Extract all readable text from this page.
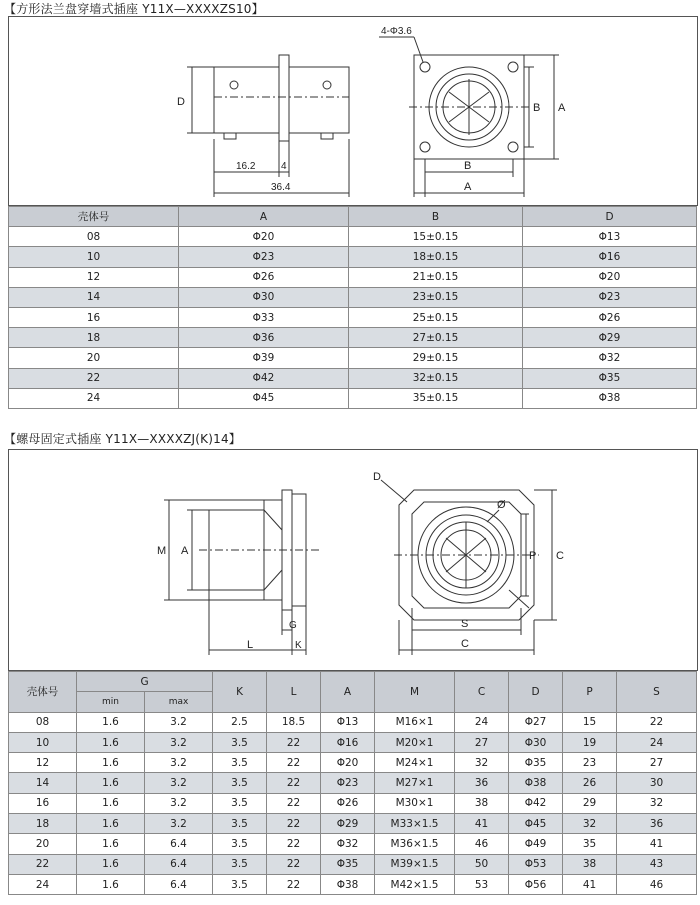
【方形法兰盘穿墙式插座 Y11X—XXXXZS10】
D
16.2	4
36.4
4-Φ3.6
B A
B
A
壳体号	A	B	D
08	Φ20	15±0.15	Φ13
10	Φ23	18±0.15	Φ16
12	Φ26	21±0.15	Φ20
14	Φ30	23±0.15	Φ23
16	Φ33	25±0.15	Φ26
18	Φ36	27±0.15	Φ29
20	Φ39	29±0.15	Φ32
22	Φ42	32±0.15	Φ35
24	Φ45	35±0.15	Φ38
【螺母固定式插座 Y11X—XXXXZJ(K)14】
M A
G
L	K
D
Ø
P C
S
C
壳体号	G		K	L	A	M	C	D	P	S
	min	max								
08	1.6	3.2	2.5	18.5	Φ13	M16×1	24	Φ27	15	22
10	1.6	3.2	3.5	22	Φ16	M20×1	27	Φ30	19	24
12	1.6	3.2	3.5	22	Φ20	M24×1	32	Φ35	23	27
14	1.6	3.2	3.5	22	Φ23	M27×1	36	Φ38	26	30
16	1.6	3.2	3.5	22	Φ26	M30×1	38	Φ42	29	32
18	1.6	3.2	3.5	22	Φ29	M33×1.5	41	Φ45	32	36
20	1.6	6.4	3.5	22	Φ32	M36×1.5	46	Φ49	35	41
22	1.6	6.4	3.5	22	Φ35	M39×1.5	50	Φ53	38	43
24	1.6	6.4	3.5	22	Φ38	M42×1.5	53	Φ56	41	46
